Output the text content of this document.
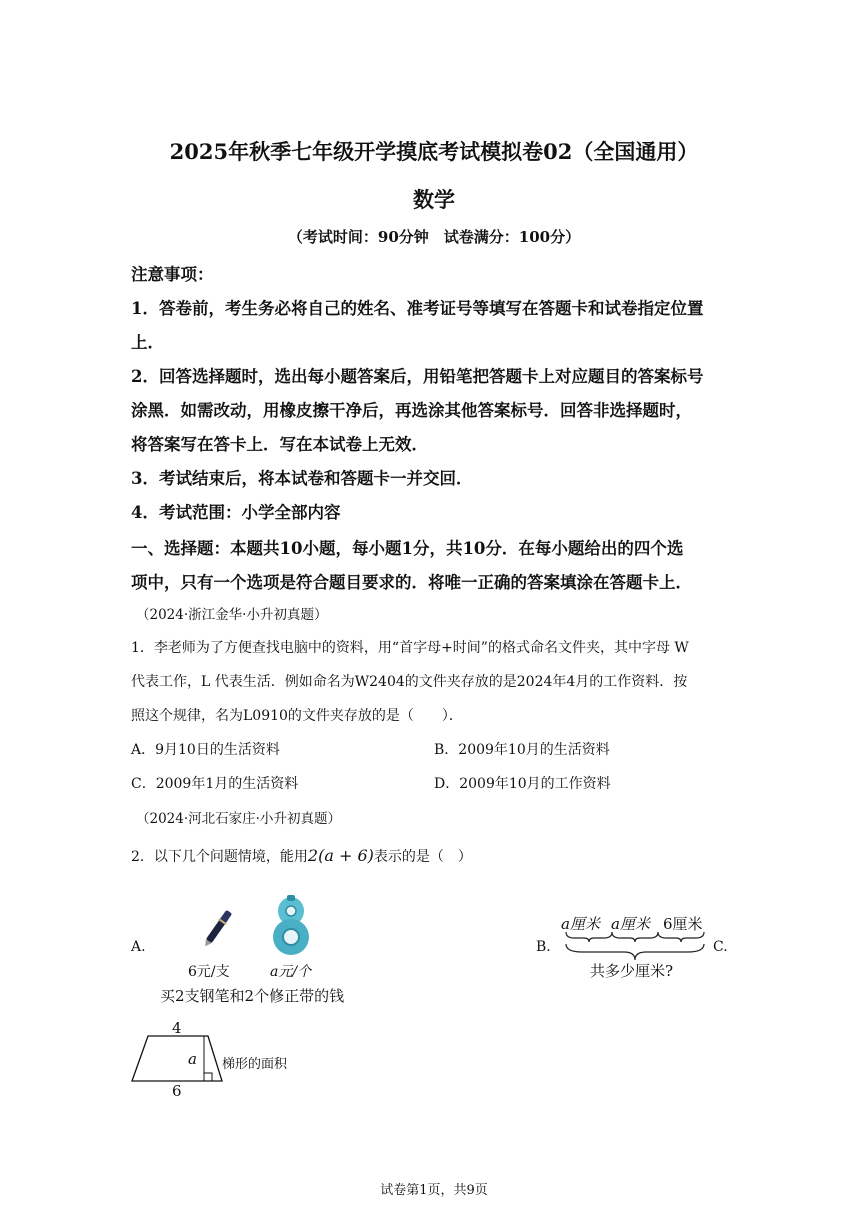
2025年秋季七年级开学摸底考试模拟卷02（全国通用）
数学
（考试时间：90分钟　试卷满分：100分）
注意事项：
1．答卷前，考生务必将自己的姓名、准考证号等填写在答题卡和试卷指定位置
上．
2．回答选择题时，选出每小题答案后，用铅笔把答题卡上对应题目的答案标号
涂黑．如需改动，用橡皮擦干净后，再选涂其他答案标号．回答非选择题时，
将答案写在答卡上．写在本试卷上无效．
3．考试结束后，将本试卷和答题卡一并交回．
4．考试范围：小学全部内容
一、选择题：本题共10小题，每小题1分，共10分．在每小题给出的四个选
项中，只有一个选项是符合题目要求的．将唯一正确的答案填涂在答题卡上．
（2024·浙江金华·小升初真题）
1．李老师为了方便查找电脑中的资料，用“首字母+时间”的格式命名文件夹，其中字母 W
代表工作，L 代表生活．例如命名为W2404的文件夹存放的是2024年4月的工作资料．按
照这个规律，名为L0910的文件夹存放的是（　　）．
A．9月10日的生活资料	B．2009年10月的生活资料
C．2009年1月的生活资料	D．2009年10月的工作资料
（2024·河北石家庄·小升初真题）
2．以下几个问题情境，能用2(a + 6)表示的是（　）
A.
6元/支	a元/个
买2支钢笔和2个修正带的钱
B.
a厘米 a厘米 6厘米
共多少厘米?
C.
4
a
6
梯形的面积
试卷第1页，共9页
